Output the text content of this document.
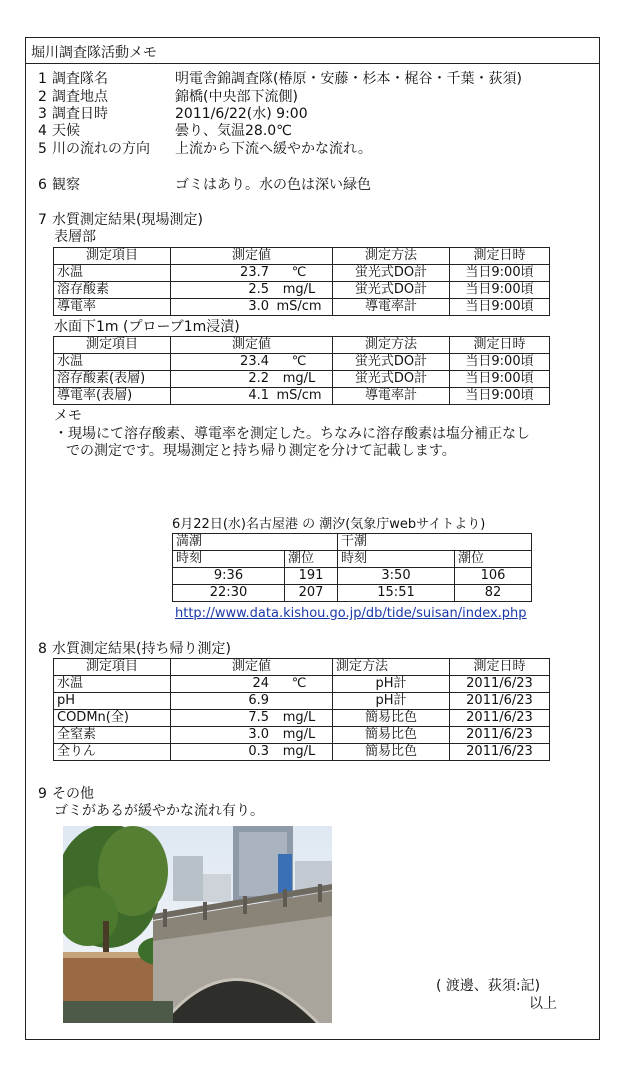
堀川調査隊活動メモ
1 調査隊名	明電舎錦調査隊(椿原・安藤・杉本・梶谷・千葉・荻須)
2 調査地点	錦橋(中央部下流側)
3 調査日時	2011/6/22(水) 9:00
4 天候	曇り、気温28.0℃
5 川の流れの方向 上流から下流へ緩やかな流れ。
6 観察	ゴミはあり。水の色は深い緑色
7 水質測定結果(現場測定)
表層部
測定項目	測定値	測定方法	測定日時
水温	23.7 ℃	蛍光式DO計	当日9:00頃
溶存酸素	2.5 mg/L	蛍光式DO計	当日9:00頃
導電率	3.0 mS/cm	導電率計	当日9:00頃
水面下1m (プローブ1m浸漬)
測定項目	測定値	測定方法	測定日時
水温	23.4 ℃	蛍光式DO計	当日9:00頃
溶存酸素(表層)	2.2 mg/L	蛍光式DO計	当日9:00頃
導電率(表層)	4.1 mS/cm	導電率計	当日9:00頃
メモ
・現場にて溶存酸素、導電率を測定した。ちなみに溶存酸素は塩分補正なし
での測定です。現場測定と持ち帰り測定を分けて記載します。
6月22日(水)名古屋港 の 潮汐(気象庁webサイトより)
満潮		干潮	
時刻	潮位	時刻	潮位
9:36	191	3:50	106
22:30	207	15:51	82
http://www.data.kishou.go.jp/db/tide/suisan/index.php
8 水質測定結果(持ち帰り測定)
測定項目	測定値	測定方法	測定日時
水温	24 ℃	pH計	2011/6/23
pH	6.9	pH計	2011/6/23
CODMn(全)	7.5 mg/L	簡易比色	2011/6/23
全窒素	3.0 mg/L	簡易比色	2011/6/23
全りん	0.3 mg/L	簡易比色	2011/6/23
9 その他
ゴミがあるが緩やかな流れ有り。
( 渡邊、荻須:記)
以上
